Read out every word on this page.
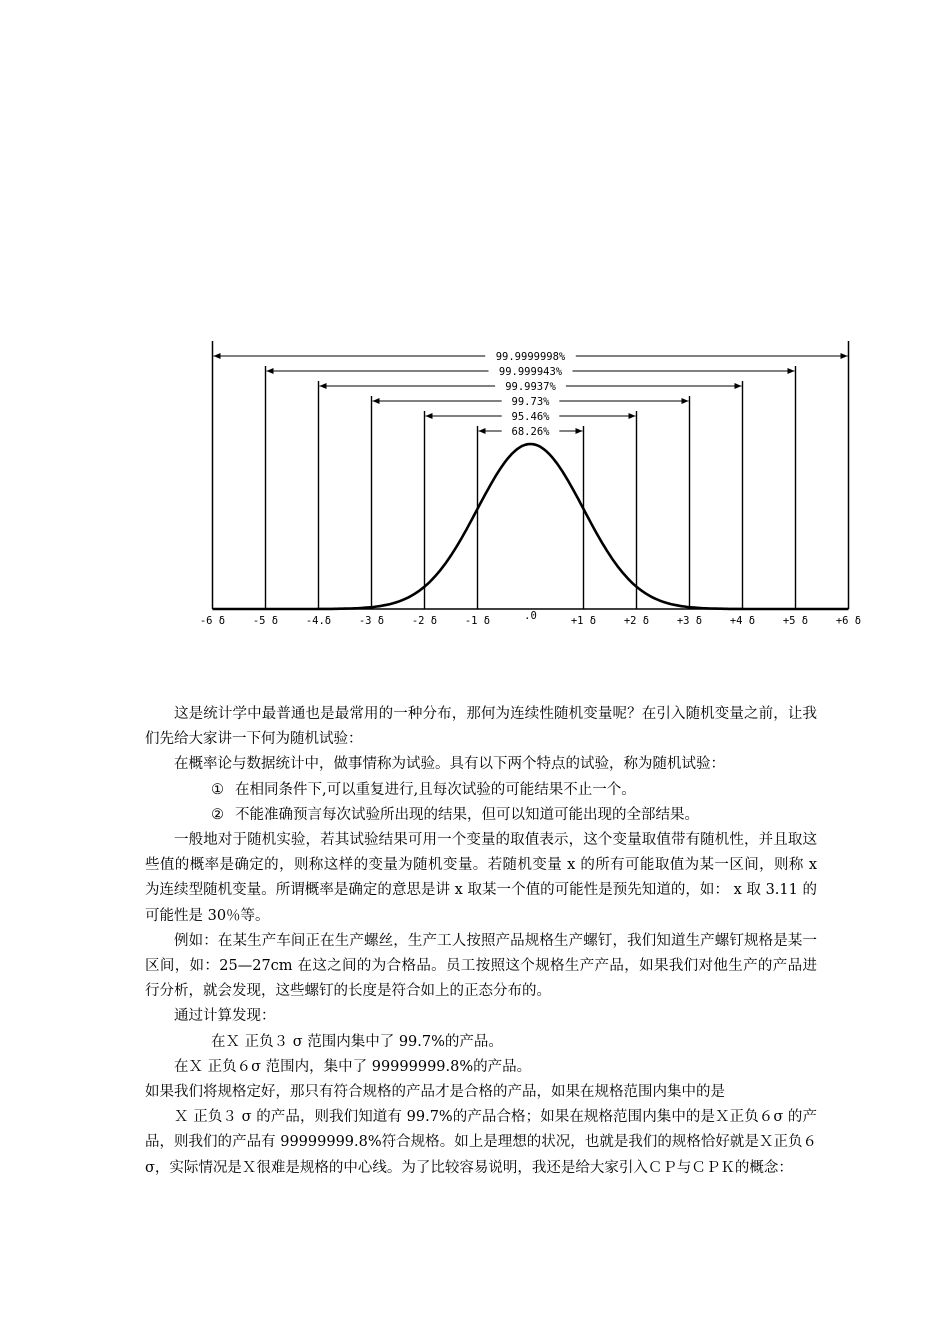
99.9999998%
99.999943%
99.9937%
99.73%
95.46%
68.26%
-6 δ	-5 δ	-4.δ	-3 δ	-2 δ	-1 δ	.0	+1 δ	+2 δ	+3 δ	+4 δ	+5 δ	+6 δ

这是统计学中最普通也是最常用的一种分布，那何为连续性随机变量呢？在引入随机变量之前，让我们先给大家讲一下何为随机试验：

在概率论与数据统计中，做事情称为试验。具有以下两个特点的试验，称为随机试验：

① 在相同条件下,可以重复进行,且每次试验的可能结果不止一个。

② 不能准确预言每次试验所出现的结果，但可以知道可能出现的全部结果。

一般地对于随机实验，若其试验结果可用一个变量的取值表示，这个变量取值带有随机性，并且取这些值的概率是确定的，则称这样的变量为随机变量。若随机变量 x 的所有可能取值为某一区间，则称 x 为连续型随机变量。所谓概率是确定的意思是讲 x 取某一个值的可能性是预先知道的，如： x 取 3.11 的可能性是 30％等。

例如：在某生产车间正在生产螺丝，生产工人按照产品规格生产螺钉，我们知道生产螺钉规格是某一区间，如：25—27cm 在这之间的为合格品。员工按照这个规格生产产品，如果我们对他生产的产品进行分析，就会发现，这些螺钉的长度是符合如上的正态分布的。

通过计算发现：

在Ｘ 正负３ σ 范围内集中了 99.7%的产品。

在Ｘ 正负６σ 范围内，集中了 99999999.8%的产品。

如果我们将规格定好，那只有符合规格的产品才是合格的产品，如果在规格范围内集中的是

Ｘ 正负３ σ 的产品，则我们知道有 99.7%的产品合格；如果在规格范围内集中的是Ｘ正负６σ 的产品，则我们的产品有 99999999.8%符合规格。如上是理想的状况，也就是我们的规格恰好就是Ｘ正负６σ，实际情况是Ｘ很难是规格的中心线。为了比较容易说明，我还是给大家引入ＣＰ与ＣＰＫ的概念：
